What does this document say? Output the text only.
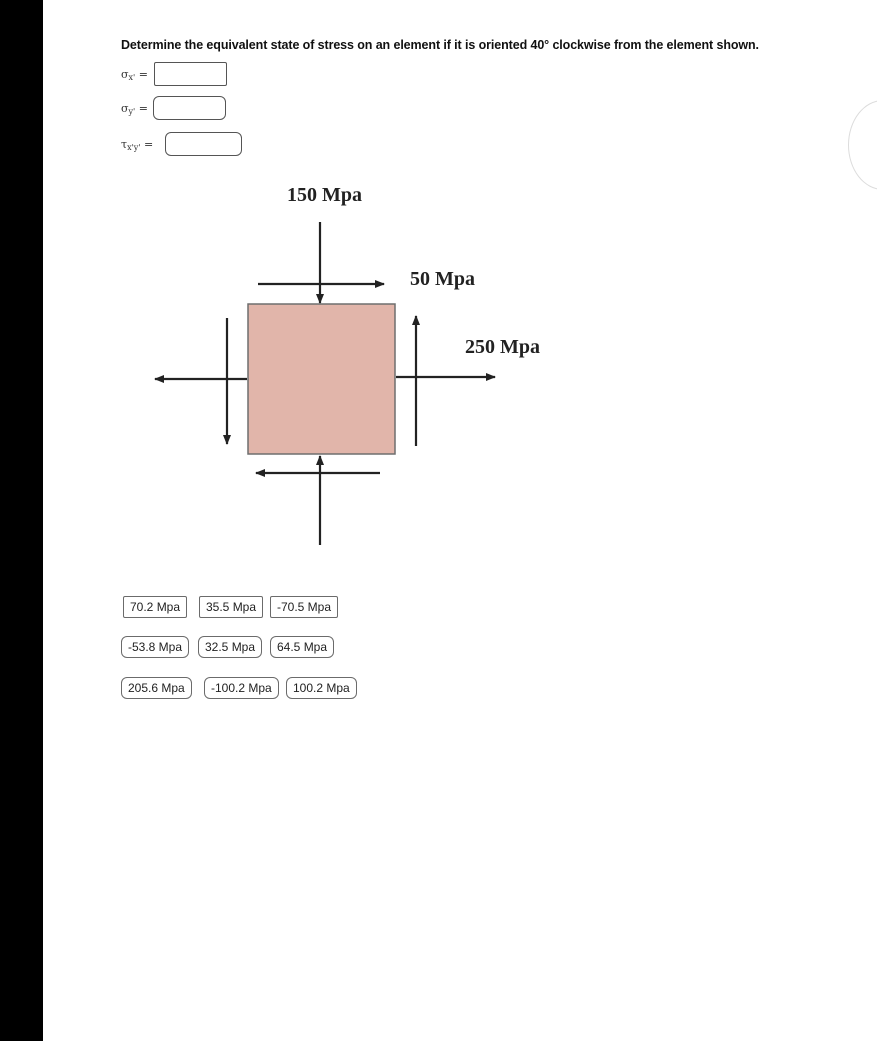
Determine the equivalent state of stress on an element if it is oriented 40° clockwise from the element shown.
$\sigma_{x'}$ =
$\sigma_{y'}$ =
$\tau_{x'y'}$ =
150 Mpa
50 Mpa
250 Mpa
70.2 Mpa	35.5 Mpa	-70.5 Mpa
-53.8 Mpa	32.5 Mpa	64.5 Mpa
205.6 Mpa	-100.2 Mpa	100.2 Mpa
